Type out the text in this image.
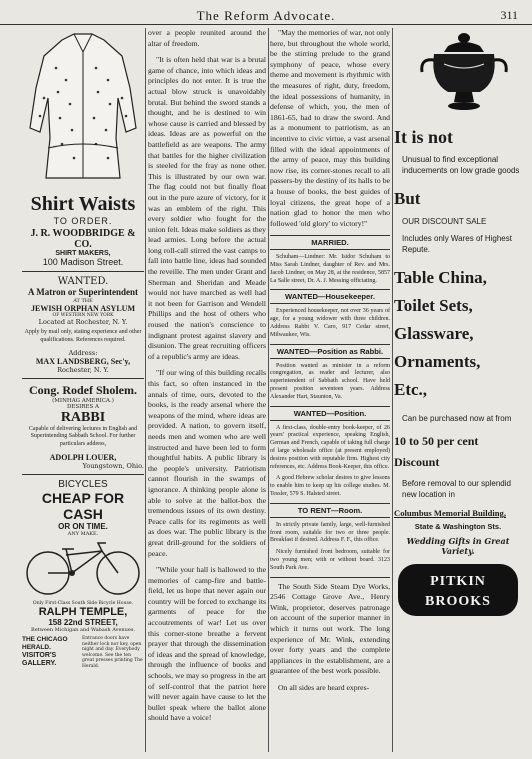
The Reform Advocate.	311
Shirt Waists
TO ORDER.
J. R. WOODBRIDGE & CO.
SHIRT MAKERS,
100 Madison Street.
WANTED.
A Matron or Superintendent
AT THE
JEWISH ORPHAN ASYLUM
OF WESTERN NEW YORK
Located at Rochester, N. Y.

Apply by mail only, stating experience and other qualifications. References required.

Address:
MAX LANDSBERG, Sec'y,
Rochester, N. Y.
Cong. Rodef Sholem.
(MINHAG AMERICA.)
DESIRES A
RABBI

Capable of delivering lectures in English and Superintending Sabbath School. For further particulars address,

ADOLPH LOUER,
Youngstown, Ohio.
BICYCLES
CHEAP FOR CASH
OR ON TIME.
ANY MAKE.
Only First-Class South Side Bicycle House.
RALPH TEMPLE,
158 22nd STREET,
Between Michigan and Wabash Avenues.
THE CHICAGO HERALD.
VISITOR'S
GALLERY.
Entrance doors have neither lock nor key, open night and day. Everybody welcome. See the ten great presses printing The Herald.

over a people reunited around the altar of freedom.

"It is often held that war is a brutal game of chance, into which ideas and principles do not enter. It is true the actual blow struck is unavoidably brutal. But behind the sword stands a thought, and he is destined to win whose cause is carried and blessed by ideas. Ideas are as powerful on the battlefield as are weapons. The army that battles for the higher civilization is steeled for the fray as none other. This is illustrated by our own war. The flag could not but finally float out in the pure azure of victory, for it was an emblem of the right. This every soldier who fought for the union felt. Ideas make soldiers as they lead armies. Long before the actual long roll-call stirred the vast camps to fall into battle line, ideas had sounded the reveille. The men under Grant and Sherman and Sheridan and Meade would not have marched as well had it not been for Garrison and Wendell Phillips and the host of others who roused the nation's conscience to indignant protest against slavery and disunion. The great recruiting officers of a republic's army are ideas.

"If our wing of this building recalls this fact, so often instanced in the annals of time, ours, devoted to the books, is the ready arsenal where the weapons of the mind, where ideas are provided. A nation, to govern itself, needs men and women who are well instructed and have been led to form thoughtful habits. A public library is the people's university. Patriotism cannot flourish in the swamps of ignorance. A thinking people alone is able to solve at the ballot-box the tremendous issues of its own destiny. Peace calls for its regiments as well as does war. The public library is the great drill-ground for the soldiers of peace.

"While your hall is hallowed to the memories of camp-fire and battle-field, let us hope that never again our country will be forced to exchange its garments of peace for the accoutrements of war! Let us over this corner-stone breathe a fervent prayer that through the dissemination of ideas and the spread of knowledge, through the influence of books and schools, we may so progress in the art of self-control that the patriot here will never again have cause to let the bullet speak where the ballot alone should have a voice!

"May the memories of war, not only here, but throughout the whole world, be the stirring prelude to the grand symphony of peace, whose every theme and movement is rhythmic with the measures of right, duty, freedom, the ideal possessions of humanity, in defense of which, you, the men of 1861-65, had to draw the sword. And as a monument to patriotism, as an incentive to civic virtue, a vast arsenal filled with the ideal appointments of the army of peace, may this building now rise, its corner-stones recall to all passers-by the destiny of its halls to be a house of books, the best guides of loyal citizens, the great hope of a nation glad to honor the men who followed 'old glory' to victory!"

MARRIED.

Schuham—Lindner: Mr. Isidor Schuham to Miss Sarah Lindner, daughter of Rev. and Mrs. Jacob Lindner, on May 28, at the residence, 5857 La Salle street, Dr. A. J. Messing officiating.

WANTED—Housekeeper.

Experienced housekeeper, not over 36 years of age, for a young widower with three children. Address Rabbi V. Caro, 917 Cedar street, Milwaukee, Wis.

WANTED—Position as Rabbi.

Position wanted as minister in a reform congregation, as reader and lecturer, also superintendent of Sabbath school. Have held present position seventeen years. Address Alexander Hart, Staunton, Va.

WANTED—Position.

A first-class, double-entry book-keeper, of 26 years' practical experience, speaking English, German and French, capable of taking full charge of large wholesale office (at present employed) desires position with reputable firm. Highest city references, etc. Address Book-Keeper, this office.

A good Hebrew scholar desires to give lessons to enable him to keep up his college studies. M. Tessler, 579 S. Halsted street.

TO RENT—Room.

In strictly private family, large, well-furnished front room, suitable for two or three people. Breakfast if desired. Address F. F., this office.

Nicely furnished front bedroom, suitable for two young men; with or without board. 3123 South Park Ave.

The South Side Steam Dye Works, 2546 Cottage Grove Ave., Henry Wink, proprietor, deserves patronage on account of the superior manner in which it turns out work. The long experience of Mr. Wink, extending over forty years and the complete appliances in the establishment, are a guarantee of the best work possible.

On all sides are heard expres-

It is not

Unusual to find exceptional inducements on low grade goods

But

OUR DISCOUNT SALE

Includes only Wares of Highest Repute.

Table China,
Toilet Sets,
Glassware,
Ornaments,
Etc.,

Can be purchased now at from

10 to 50 per cent
Discount

Before removal to our splendid new location in

Columbus Memorial Building,
State & Washington Sts.
Wedding Gifts in Great Variety.
PITKIN BROOKS
